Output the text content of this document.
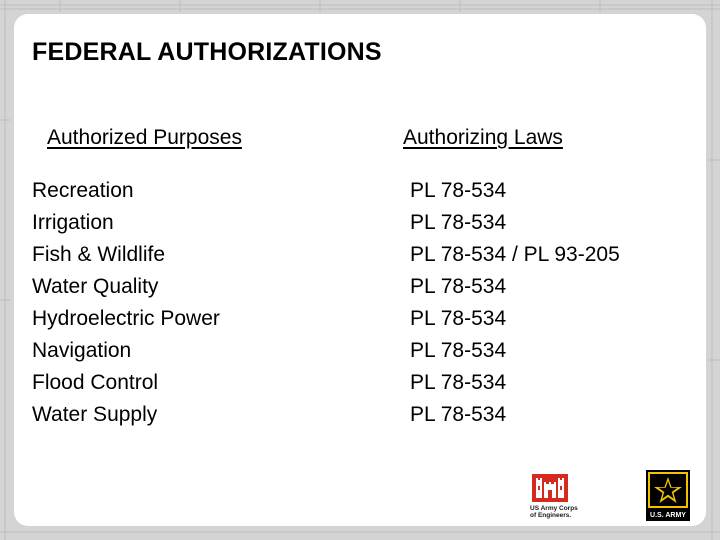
FEDERAL AUTHORIZATIONS
Authorized Purposes	Authorizing Laws
Recreation
Irrigation
Fish & Wildlife
Water Quality
Hydroelectric Power
Navigation
Flood Control
Water Supply
PL 78-534
PL 78-534
PL 78-534 / PL 93-205
PL 78-534
PL 78-534
PL 78-534
PL 78-534
PL 78-534
US Army Corps
of Engineers.	U.S. ARMY
